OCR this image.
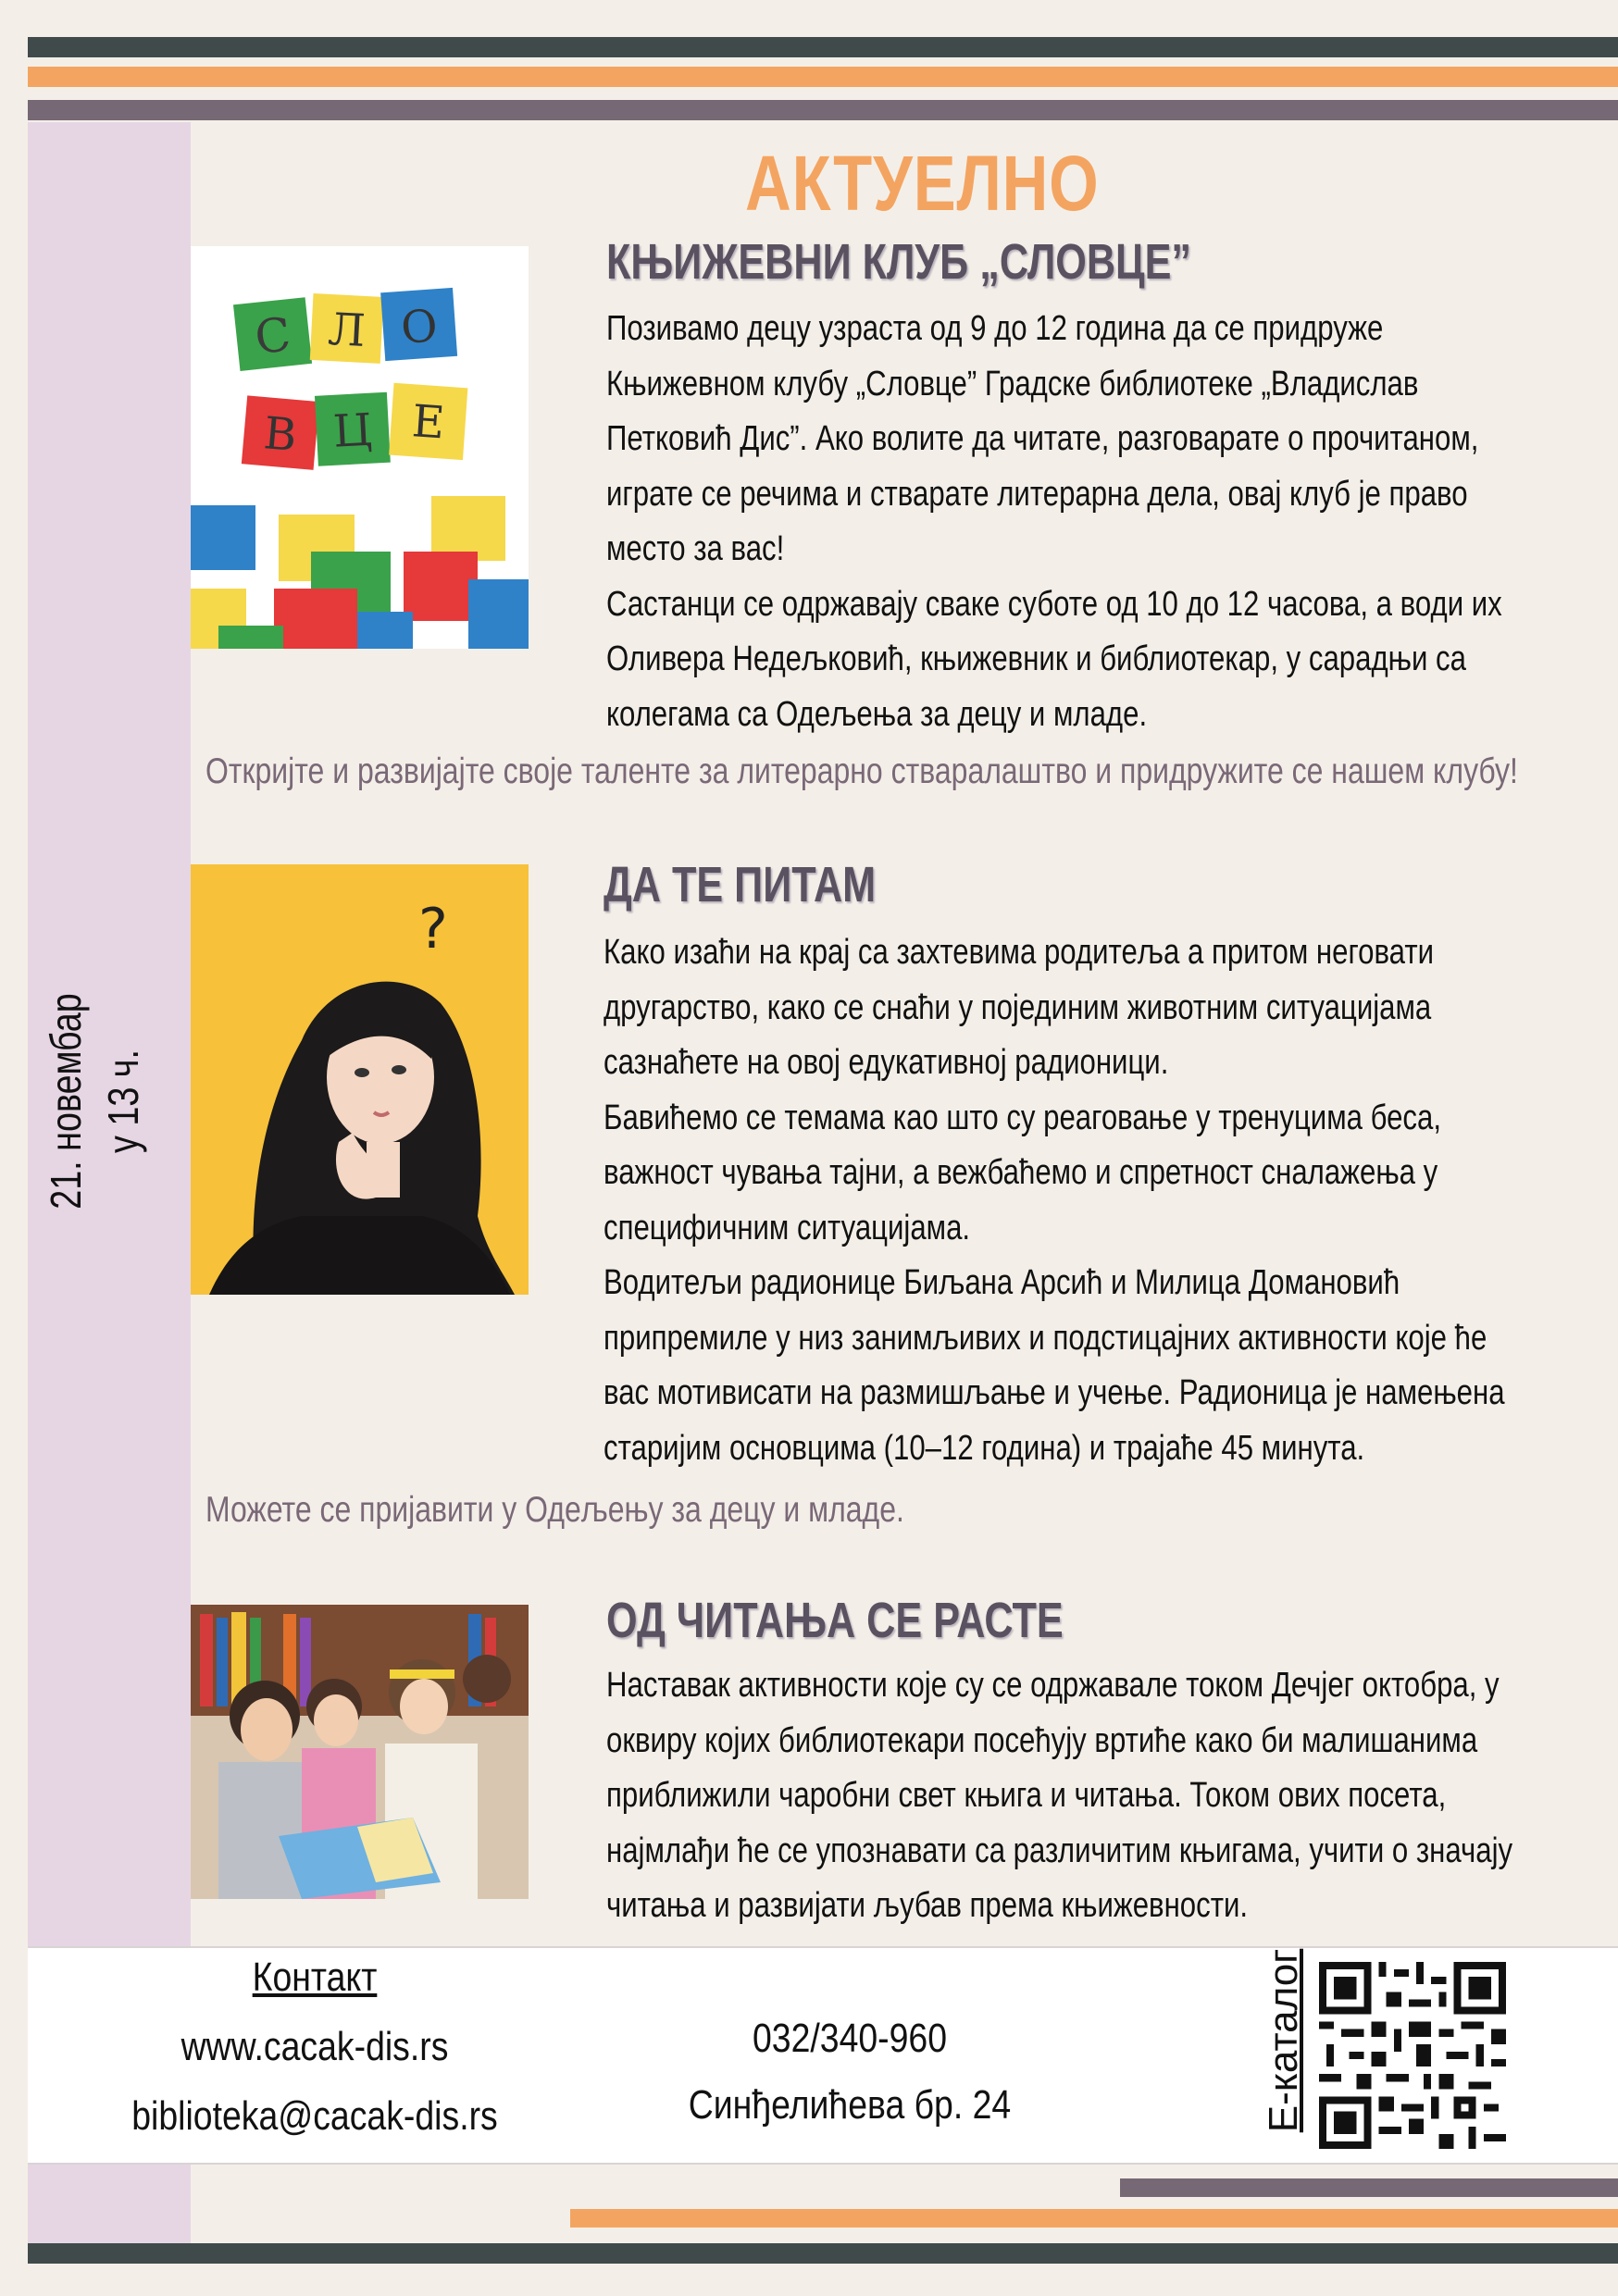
21. новембар у 13 ч.
АКТУЕЛНО
С Л О
В Ц Е
КЊИЖЕВНИ КЛУБ „СЛОВЦЕ”
Позивамо децу узраста од 9 до 12 година да се придруже
Књижевном клубу „Словце” Градске библиотеке „Владислав
Петковић Дис”. Ако волите да читате, разговарате о прочитаном,
играте се речима и стварате литерарна дела, овај клуб је право
место за вас!
Састанци се одржавају сваке суботе од 10 до 12 часова, а води их
Оливера Недељковић, књижевник и библиотекар, у сарадњи са
колегама са Одељења за децу и младе.
Откријте и развијајте своје таленте за литерарно стваралаштво и придружите се нашем клубу!
?
ДА ТЕ ПИТАМ
Како изаћи на крај са захтевима родитеља а притом неговати
другарство, како се снаћи у појединим животним ситуацијама
сазнаћете на овој едукативној радионици.
Бавићемо се темама као што су реаговање у тренуцима беса,
важност чувања тајни, а вежбаћемо и спретност сналажења у
специфичним ситуацијама.
Водитељи радионице Биљана Арсић и Милица Домановић
припремиле у низ занимљивих и подстицајних активности које ће
вас мотивисати на размишљање и учење. Радионица је намењена
старијим основцима (10–12 година) и трајаће 45 минута.
Можете се пријавити у Одељењу за децу и младе.
ОД ЧИТАЊА СЕ РАСТЕ
Наставак активности које су се одржавале током Дечјег октобра, у
оквиру којих библиотекари посећују вртиће како би малишанима
приближили чаробни свет књига и читања. Током ових посета,
најмлађи ће се упознавати са различитим књигама, учити о значају
читања и развијати љубав према књижевности.
Контакт
www.cacak-dis.rs
biblioteka@cacak-dis.rs
032/340-960
Синђелићева бр. 24	Е-каталог
